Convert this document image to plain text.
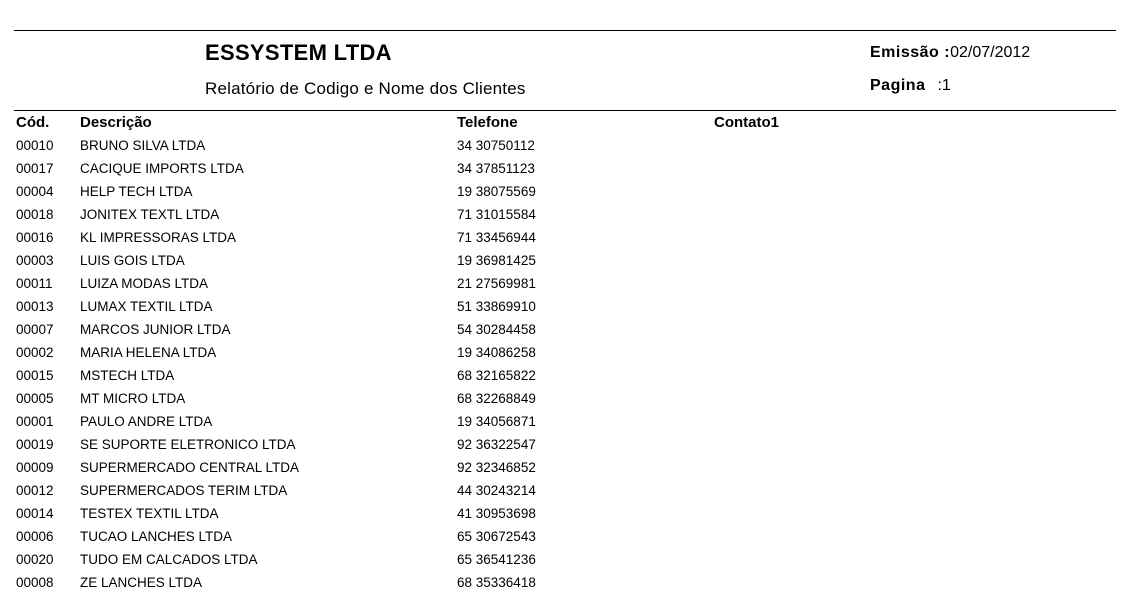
ESSYSTEM LTDA
Relatório de Codigo e Nome dos Clientes
Emissão :02/07/2012
Pagina :1
Cód. Descrição	Telefone	Contato1
00010 BRUNO SILVA LTDA	34 30750112
00017 CACIQUE IMPORTS LTDA	34 37851123
00004 HELP TECH LTDA	19 38075569
00018 JONITEX TEXTL LTDA	71 31015584
00016 KL IMPRESSORAS LTDA	71 33456944
00003 LUIS GOIS LTDA	19 36981425
00011 LUIZA MODAS LTDA	21 27569981
00013 LUMAX TEXTIL LTDA	51 33869910
00007 MARCOS JUNIOR LTDA	54 30284458
00002 MARIA HELENA LTDA	19 34086258
00015 MSTECH LTDA	68 32165822
00005 MT MICRO LTDA	68 32268849
00001 PAULO ANDRE LTDA	19 34056871
00019 SE SUPORTE ELETRONICO LTDA	92 36322547
00009 SUPERMERCADO CENTRAL LTDA	92 32346852
00012 SUPERMERCADOS TERIM LTDA	44 30243214
00014 TESTEX TEXTIL LTDA	41 30953698
00006 TUCAO LANCHES LTDA	65 30672543
00020 TUDO EM CALCADOS LTDA	65 36541236
00008 ZE LANCHES LTDA	68 35336418
